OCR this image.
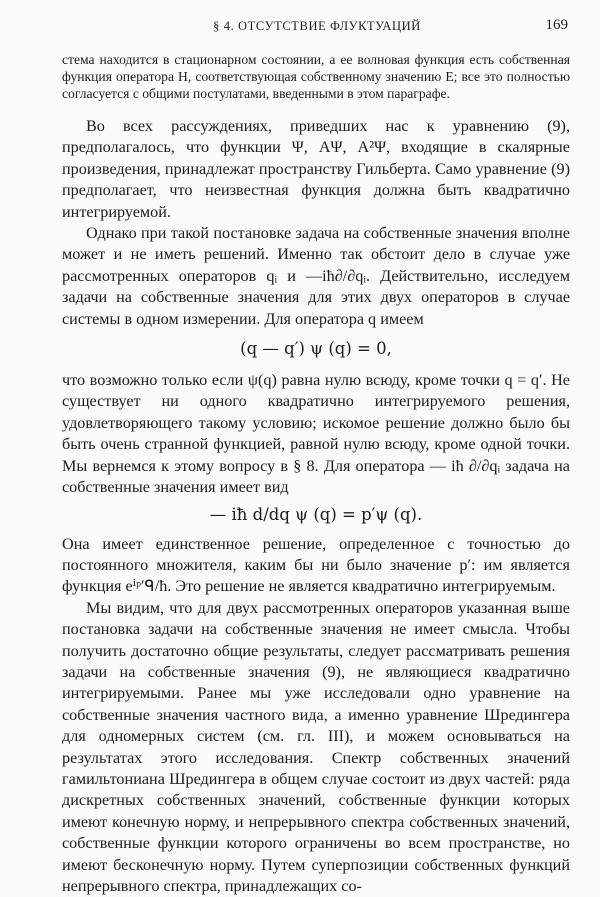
§ 4. ОТСУТСТВИЕ ФЛУКТУАЦИЙ	169

стема находится в стационарном состоянии, а ее волновая функция есть собственная функция оператора H, соответствующая собственному значению E; все это полностью согласуется с общими постулатами, введенными в этом параграфе.

Во всех рассуждениях, приведших нас к уравнению (9), предполагалось, что функции Ψ, AΨ, A²Ψ, входящие в скалярные произведения, принадлежат пространству Гильберта. Само уравнение (9) предполагает, что неизвестная функция должна быть квадратично интегрируемой.

Однако при такой постановке задача на собственные значения вполне может и не иметь решений. Именно так обстоит дело в случае уже рассмотренных операторов qᵢ и —iħ∂/∂qᵢ. Действительно, исследуем задачи на собственные значения для этих двух операторов в случае системы в одном измерении. Для оператора q имеем

(q — q′) ψ (q) = 0,

что возможно только если ψ(q) равна нулю всюду, кроме точки q = q′. Не существует ни одного квадратично интегрируемого решения, удовлетворяющего такому условию; искомое решение должно было бы быть очень странной функцией, равной нулю всюду, кроме одной точки. Мы вернемся к этому вопросу в § 8. Для оператора — iħ ∂/∂qᵢ задача на собственные значения имеет вид

— iħ d/dq ψ (q) = p′ψ (q).

Она имеет единственное решение, определенное с точностью до постоянного множителя, каким бы ни было значение p′: им является функция eⁱᵖ′ᑫ/ħ. Это решение не является квадратично интегрируемым.

Мы видим, что для двух рассмотренных операторов указанная выше постановка задачи на собственные значения не имеет смысла. Чтобы получить достаточно общие результаты, следует рассматривать решения задачи на собственные значения (9), не являющиеся квадратично интегрируемыми. Ранее мы уже исследовали одно уравнение на собственные значения частного вида, а именно уравнение Шредингера для одномерных систем (см. гл. III), и можем основываться на результатах этого исследования. Спектр собственных значений гамильтониана Шредингера в общем случае состоит из двух частей: ряда дискретных собственных значений, собственные функции которых имеют конечную норму, и непрерывного спектра собственных значений, собственные функции которого ограничены во всем пространстве, но имеют бесконечную норму. Путем суперпозиции собственных функций непрерывного спектра, принадлежащих со-
